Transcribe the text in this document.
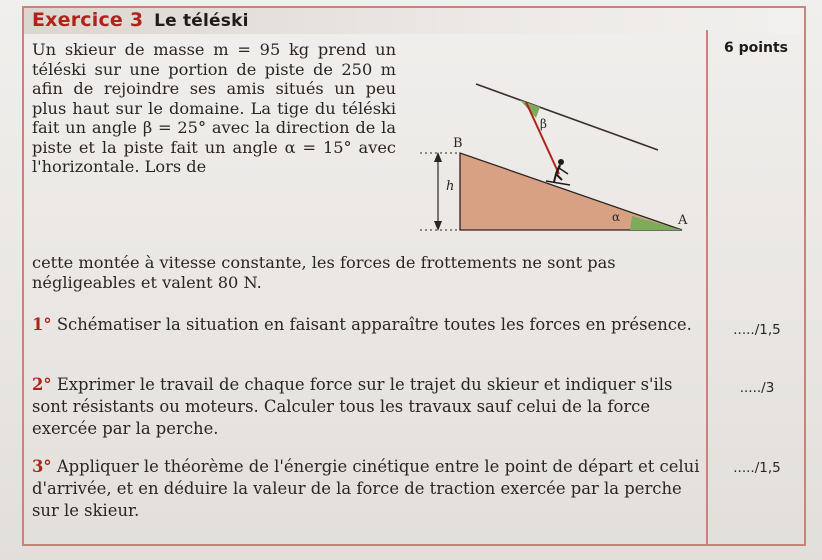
Exercice 3 Le téléski
6 points

Un skieur de masse m = 95 kg prend un téléski sur une portion de piste de 250 m afin de rejoindre ses amis situés un peu plus haut sur le domaine. La tige du téléski fait un angle β = 25° avec la direction de la piste et la piste fait un angle α = 15° avec l'horizontale. Lors de

h
B
A
α
β

cette montée à vitesse constante, les forces de frottements ne sont pas négligeables et valent 80 N.

1° Schématiser la situation en faisant apparaître toutes les forces en présence.	...../1,5

2° Exprimer le travail de chaque force sur le trajet du skieur et indiquer s'ils sont résistants ou moteurs. Calculer tous les travaux sauf celui de la force exercée par la perche.

...../3

3° Appliquer le théorème de l'énergie cinétique entre le point de départ et celui d'arrivée, et en déduire la valeur de la force de traction exercée par la perche sur le skieur.

...../1,5
